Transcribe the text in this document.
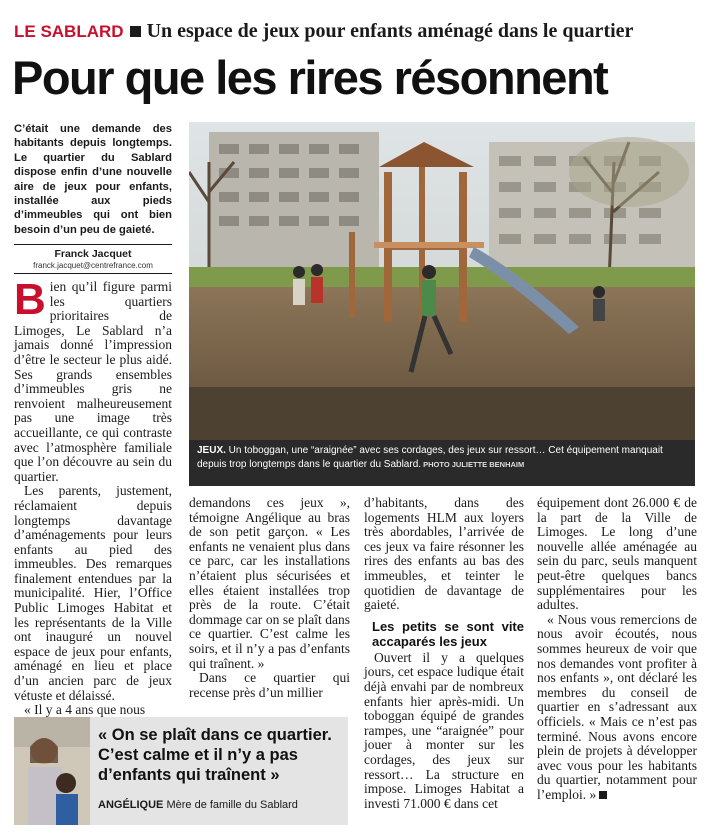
LE SABLARD Un espace de jeux pour enfants aménagé dans le quartier
Pour que les rires résonnent
C’était une demande des habitants depuis longtemps. Le quartier du Sablard dispose enfin d’une nouvelle aire de jeux pour enfants, installée aux pieds d’immeubles qui ont bien besoin d’un peu de gaieté.
Franck Jacquet
franck.jacquet@centrefrance.com
JEUX. Un toboggan, une “araignée” avec ses cordages, des jeux sur ressort… Cet équipement manquait depuis trop longtemps dans le quartier du Sablard. PHOTO JULIETTE BENHAIM
B ien qu’il figure parmi les quartiers prioritaires de Limoges, Le Sablard n’a jamais donné l’impression d’être le secteur le plus aidé. Ses grands ensembles d’immeubles gris ne renvoient malheureusement pas une image très accueillante, ce qui contraste avec l’atmosphère familiale que l’on découvre au sein du quartier.

Les parents, justement, réclamaient depuis longtemps davantage d’aménagements pour leurs enfants au pied des immeubles. Des remarques finalement entendues par la municipalité. Hier, l’Office Public Limoges Habitat et les représentants de la Ville ont inauguré un nouvel espace de jeux pour enfants, aménagé en lieu et place d’un ancien parc de jeux vétuste et délaissé.

« Il y a 4 ans que nous

demandons ces jeux », témoigne Angélique au bras de son petit garçon. « Les enfants ne venaient plus dans ce parc, car les installations n’étaient plus sécurisées et elles étaient installées trop près de la route. C’était dommage car on se plaît dans ce quartier. C’est calme les soirs, et il n’y a pas d’enfants qui traînent. »

Dans ce quartier qui recense près d’un millier

d’habitants, dans des logements HLM aux loyers très abordables, l’arrivée de ces jeux va faire résonner les rires des enfants au bas des immeubles, et teinter le quotidien de davantage de gaieté.

Les petits se sont vite accaparés les jeux

Ouvert il y a quelques jours, cet espace ludique était déjà envahi par de nombreux enfants hier après-midi. Un toboggan équipé de grandes rampes, une “araignée” pour jouer à monter sur les cordages, des jeux sur ressort… La structure en impose. Limoges Habitat a investi 71.000 € dans cet

équipement dont 26.000 € de la part de la Ville de Limoges. Le long d’une nouvelle allée aménagée au sein du parc, seuls manquent peut-être quelques bancs supplémentaires pour les adultes.

« Nous vous remercions de nous avoir écoutés, nous sommes heureux de voir que nos demandes vont profiter à nos enfants », ont déclaré les membres du conseil de quartier en s’adressant aux officiels. « Mais ce n’est pas terminé. Nous avons encore plein de projets à développer avec vous pour les habitants du quartier, notamment pour l’emploi. »

« On se plaît dans ce quartier. C’est calme et il n’y a pas d’enfants qui traînent »
ANGÉLIQUE Mère de famille du Sablard
